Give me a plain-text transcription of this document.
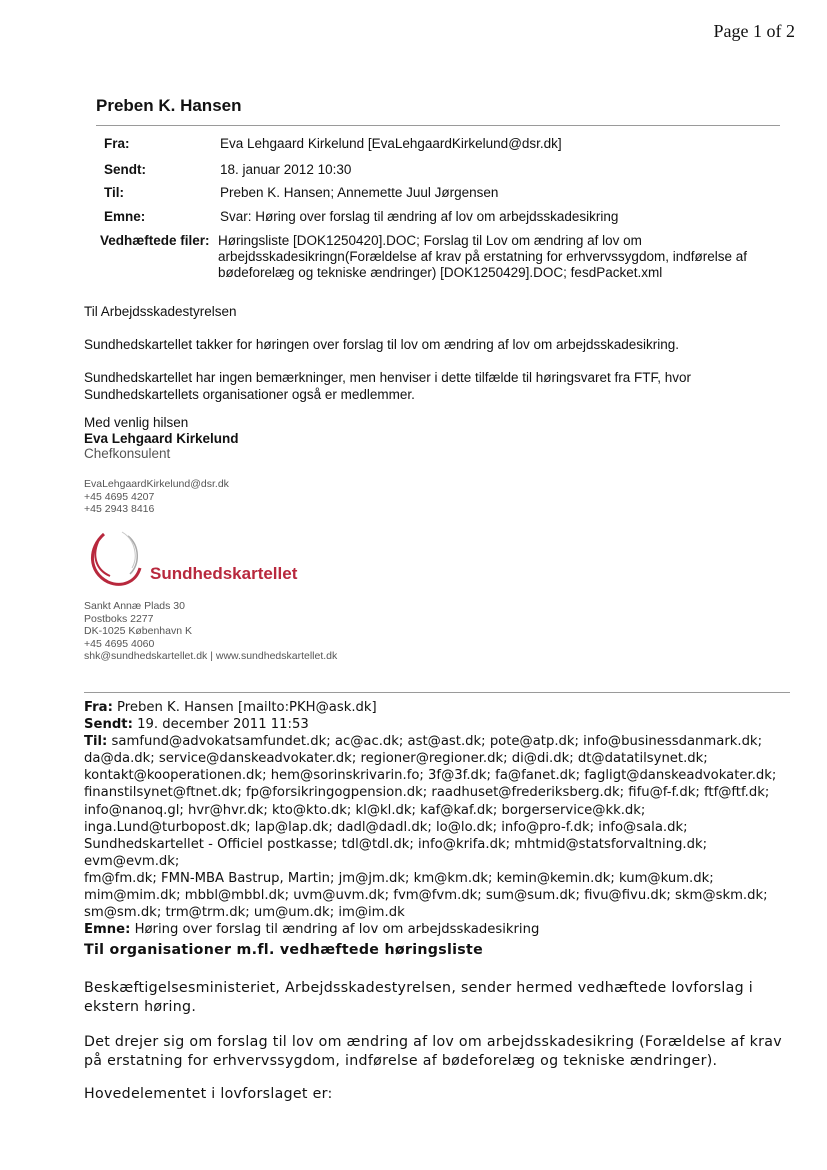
Page 1 of 2
Preben K. Hansen
Fra:	Eva Lehgaard Kirkelund [EvaLehgaardKirkelund@dsr.dk]
Sendt:	18. januar 2012 10:30
Til:	Preben K. Hansen; Annemette Juul Jørgensen
Emne:	Svar: Høring over forslag til ændring af lov om arbejdsskadesikring
Vedhæftede filer: Høringsliste [DOK1250420].DOC; Forslag til Lov om ændring af lov om arbejdsskadesikringn(Forældelse af krav på erstatning for erhvervssygdom, indførelse af bødeforelæg og tekniske ændringer) [DOK1250429].DOC; fesdPacket.xml
Til Arbejdsskadestyrelsen
Sundhedskartellet takker for høringen over forslag til lov om ændring af lov om arbejdsskadesikring.
Sundhedskartellet har ingen bemærkninger, men henviser i dette tilfælde til høringsvaret fra FTF, hvor Sundhedskartellets organisationer også er medlemmer.
Med venlig hilsen
Eva Lehgaard Kirkelund
Chefkonsulent
EvaLehgaardKirkelund@dsr.dk
+45 4695 4207
+45 2943 8416
Sundhedskartellet
Sankt Annæ Plads 30
Postboks 2277
DK-1025 København K
+45 4695 4060
shk@sundhedskartellet.dk | www.sundhedskartellet.dk
Fra: Preben K. Hansen [mailto:PKH@ask.dk]
Sendt: 19. december 2011 11:53
Til: samfund@advokatsamfundet.dk; ac@ac.dk; ast@ast.dk; pote@atp.dk; info@businessdanmark.dk;
da@da.dk; service@danskeadvokater.dk; regioner@regioner.dk; di@di.dk; dt@datatilsynet.dk;
kontakt@kooperationen.dk; hem@sorinskrivarin.fo; 3f@3f.dk; fa@fanet.dk; fagligt@danskeadvokater.dk;
finanstilsynet@ftnet.dk; fp@forsikringogpension.dk; raadhuset@frederiksberg.dk; fifu@f-f.dk; ftf@ftf.dk;
info@nanoq.gl; hvr@hvr.dk; kto@kto.dk; kl@kl.dk; kaf@kaf.dk; borgerservice@kk.dk;
inga.Lund@turbopost.dk; lap@lap.dk; dadl@dadl.dk; lo@lo.dk; info@pro-f.dk; info@sala.dk;
Sundhedskartellet - Officiel postkasse; tdl@tdl.dk; info@krifa.dk; mhtmid@statsforvaltning.dk; evm@evm.dk;
fm@fm.dk; FMN-MBA Bastrup, Martin; jm@jm.dk; km@km.dk; kemin@kemin.dk; kum@kum.dk;
mim@mim.dk; mbbl@mbbl.dk; uvm@uvm.dk; fvm@fvm.dk; sum@sum.dk; fivu@fivu.dk; skm@skm.dk;
sm@sm.dk; trm@trm.dk; um@um.dk; im@im.dk
Emne: Høring over forslag til ændring af lov om arbejdsskadesikring
Til organisationer m.fl. vedhæftede høringsliste
Beskæftigelsesministeriet, Arbejdsskadestyrelsen, sender hermed vedhæftede lovforslag i ekstern høring.
Det drejer sig om forslag til lov om ændring af lov om arbejdsskadesikring (Forældelse af krav på erstatning for erhvervssygdom, indførelse af bødeforelæg og tekniske ændringer).
Hovedelementet i lovforslaget er:
